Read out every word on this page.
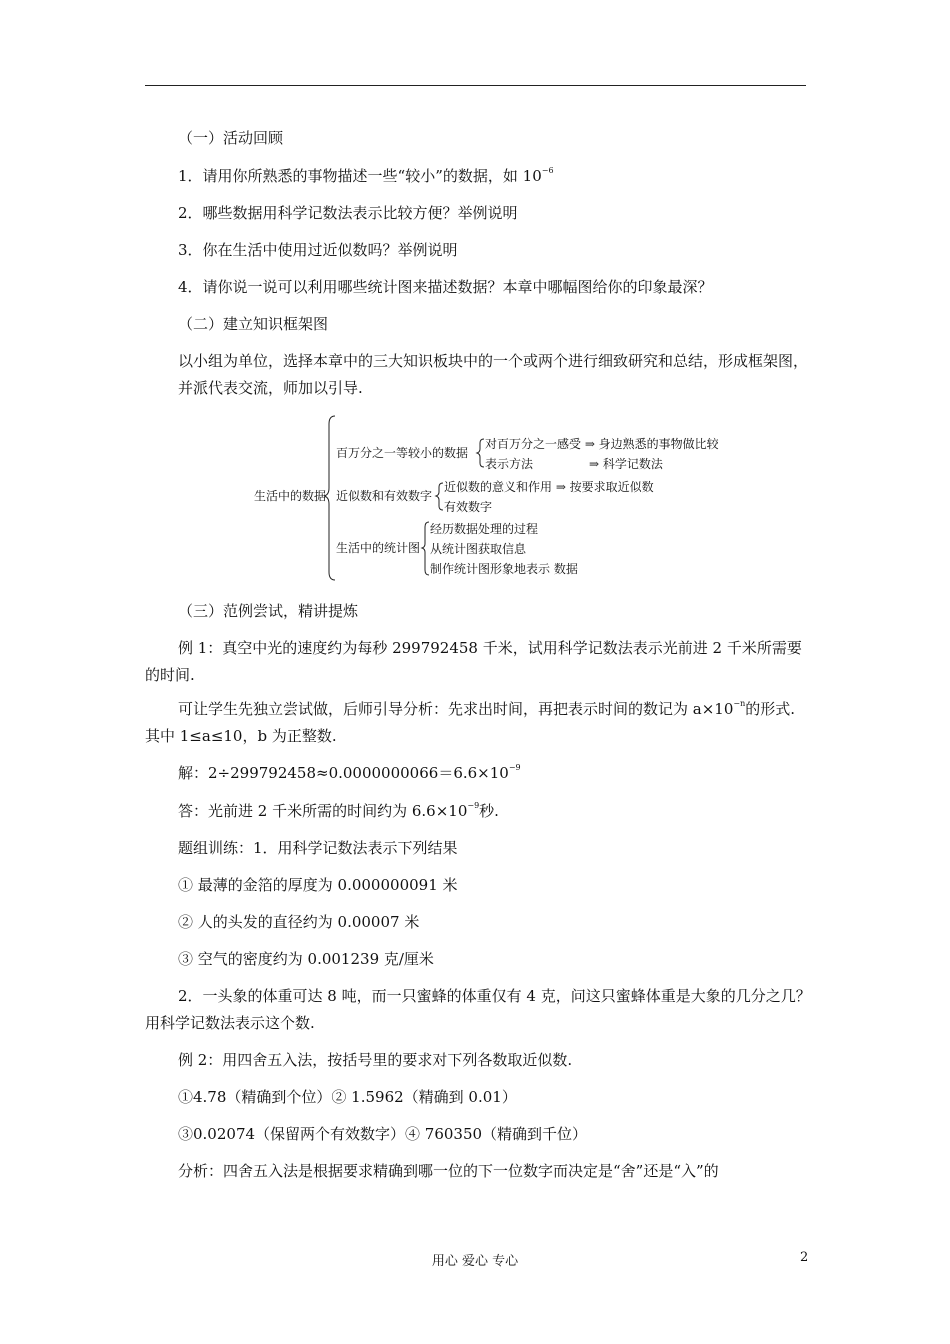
（一）活动回顾
1．请用你所熟悉的事物描述一些“较小”的数据，如 $10^{-6}$
2．哪些数据用科学记数法表示比较方便？举例说明
3．你在生活中使用过近似数吗？举例说明
4．请你说一说可以利用哪些统计图来描述数据？本章中哪幅图给你的印象最深？
（二）建立知识框架图
以小组为单位，选择本章中的三大知识板块中的一个或两个进行细致研究和总结，形成框架图，并派代表交流，师加以引导.
生活中的数据
百万分之一等较小的数据
对百万分之一感受 ⇒ 身边熟悉的事物做比较
表示方法	⇒ 科学记数法
近似数和有效数字
近似数的意义和作用 ⇒ 按要求取近似数
有效数字
生活中的统计图
经历数据处理的过程
从统计图获取信息
制作统计图形象地表示 数据
（三）范例尝试，精讲提炼
例 1：真空中光的速度约为每秒 299792458 千米，试用科学记数法表示光前进 2 千米所需要的时间.
可让学生先独立尝试做，后师引导分析：先求出时间，再把表示时间的数记为 $a\times 10^{-n}$的形式. 其中 1≤a≤10，b 为正整数.
解：$2\div 299792458\approx 0.0000000066=6.6\times 10^{-9}$
答：光前进 2 千米所需的时间约为 $6.6\times 10^{-9}$秒.
题组训练：1．用科学记数法表示下列结果
① 最薄的金箔的厚度为 0.000000091 米
② 人的头发的直径约为 0.00007 米
③ 空气的密度约为 0.001239 克/厘米
2．一头象的体重可达 8 吨，而一只蜜蜂的体重仅有 4 克，问这只蜜蜂体重是大象的几分之几？用科学记数法表示这个数.
例 2：用四舍五入法，按括号里的要求对下列各数取近似数.
①4.78（精确到个位）② 1.5962（精确到 0.01）
③0.02074（保留两个有效数字）④ 760350（精确到千位）
分析：四舍五入法是根据要求精确到哪一位的下一位数字而决定是“舍”还是“入”的
用心 爱心 专心	2
